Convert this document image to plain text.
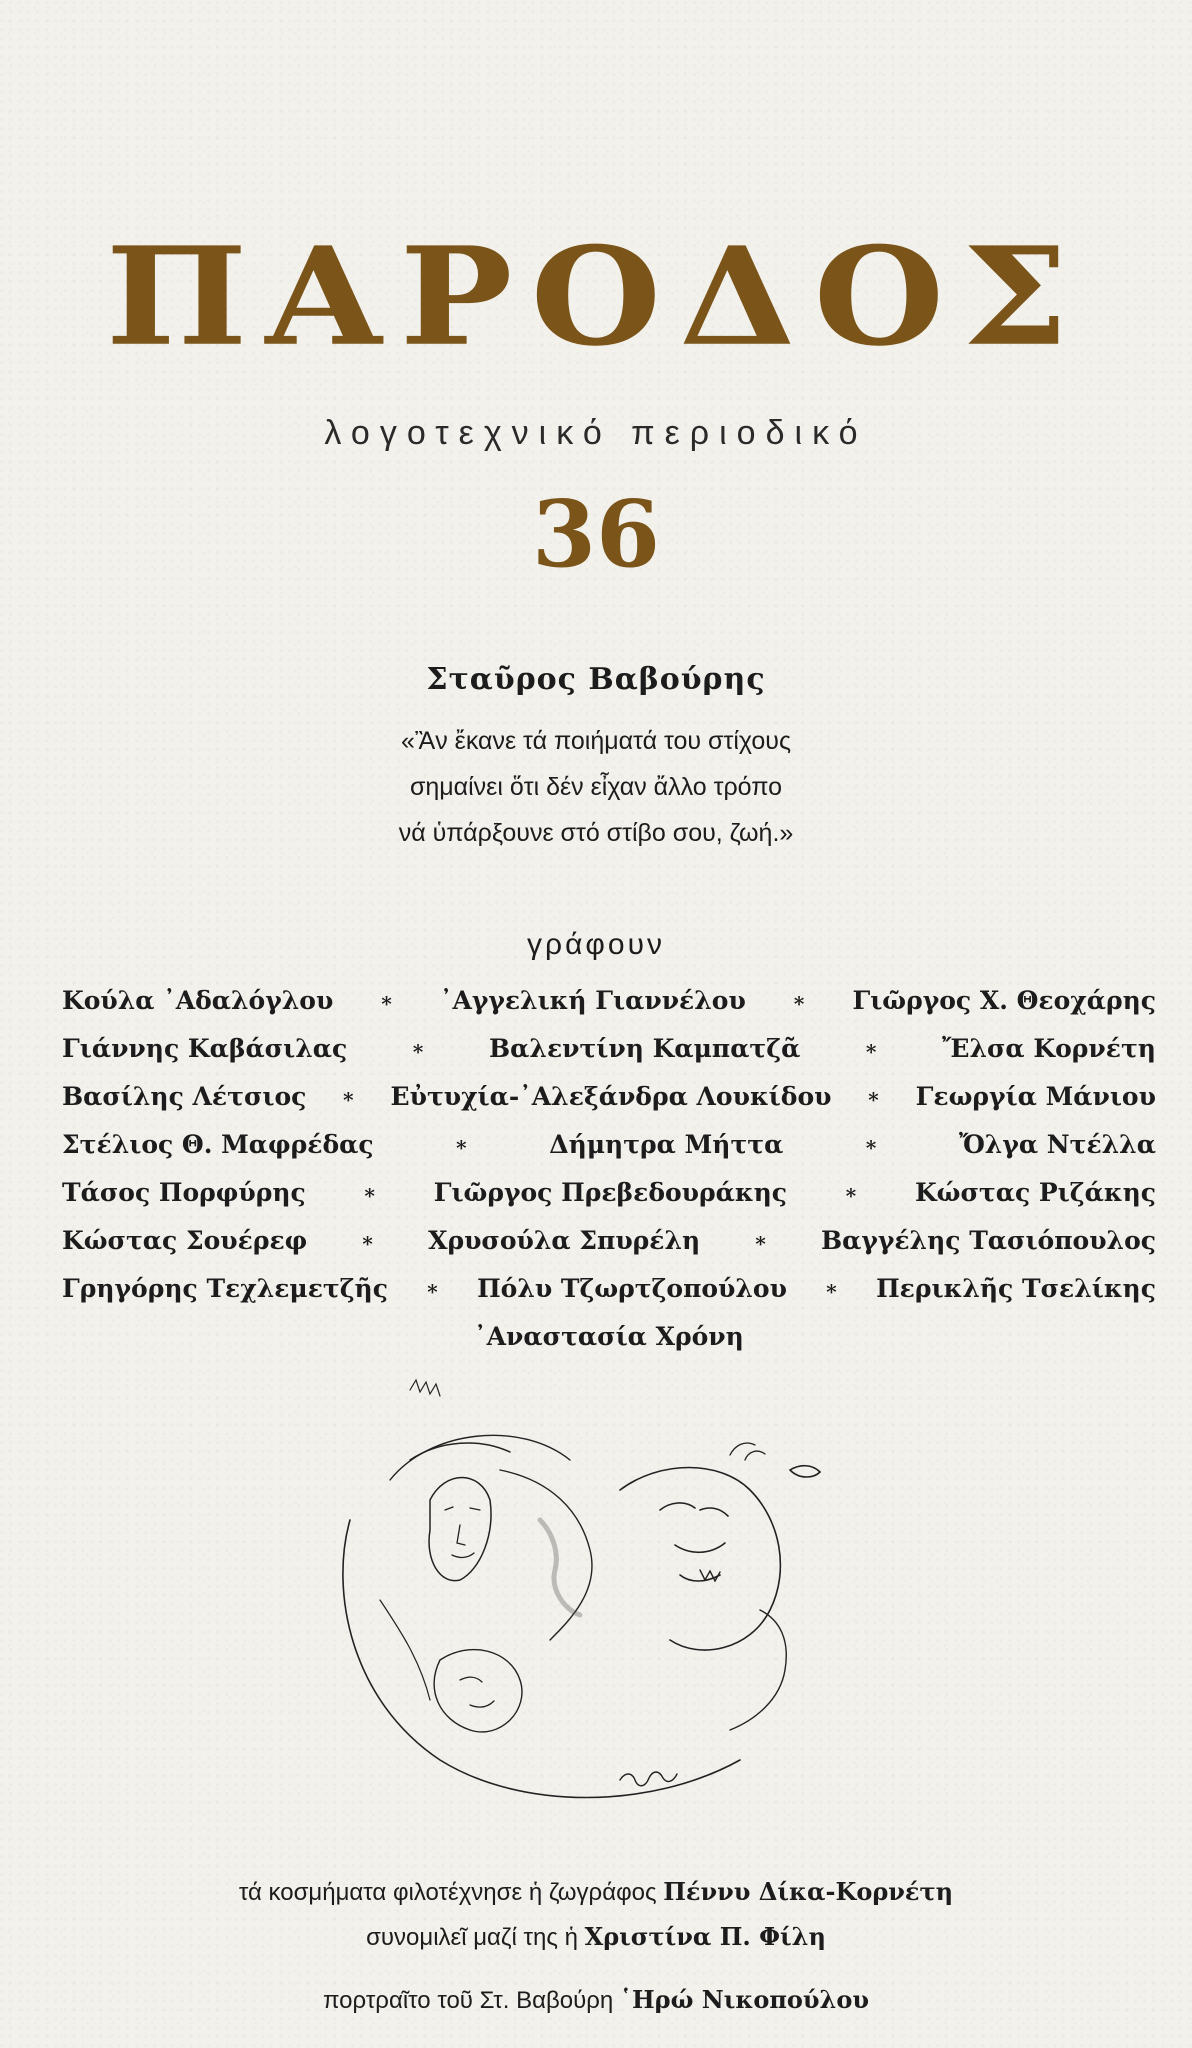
ΠΑΡΟΔΟΣ
λογοτεχνικό περιοδικό
36
Σταῦρος Βαβούρης
«Ἂν ἔκανε τά ποιήματά του στίχους
σημαίνει ὅτι δέν εἶχαν ἄλλο τρόπο
νά ὑπάρξουνε στό στίβο σου, ζωή.»
γράφουν
Κούλα ᾿Αδαλόγλου ∗ ᾿Αγγελική Γιαννέλου ∗ Γιῶργος Χ. Θεοχάρης
Γιάννης Καβάσιλας	∗	Βαλεντίνη Καμπατζᾶ	∗	Ἔλσα Κορνέτη
Βασίλης Λέτσιος ∗ Εὐτυχία-᾿Αλεξάνδρα Λουκίδου ∗ Γεωργία Μάνιου
Στέλιος Θ. Μαφρέδας	∗	Δήμητρα Μήττα	∗	Ὄλγα Ντέλλα
Τάσος Πορφύρης	∗ Γιῶργος Πρεβεδουράκης	∗ Κώστας Ριζάκης
Κώστας Σουέρεφ	∗ Χρυσούλα Σπυρέλη	∗ Βαγγέλης Τασιόπουλος
Γρηγόρης Τεχλεμετζῆς ∗ Πόλυ Τζωρτζοπούλου ∗ Περικλῆς Τσελίκης
᾿Αναστασία Χρόνη
τά κοσμήματα φιλοτέχνησε ἡ ζωγράφος Πέννυ Δίκα-Κορνέτη
συνομιλεῖ μαζί της ἡ Χριστίνα Π. Φίλη
πορτραῖτο τοῦ Στ. Βαβούρη ῾Ηρώ Νικοπούλου
